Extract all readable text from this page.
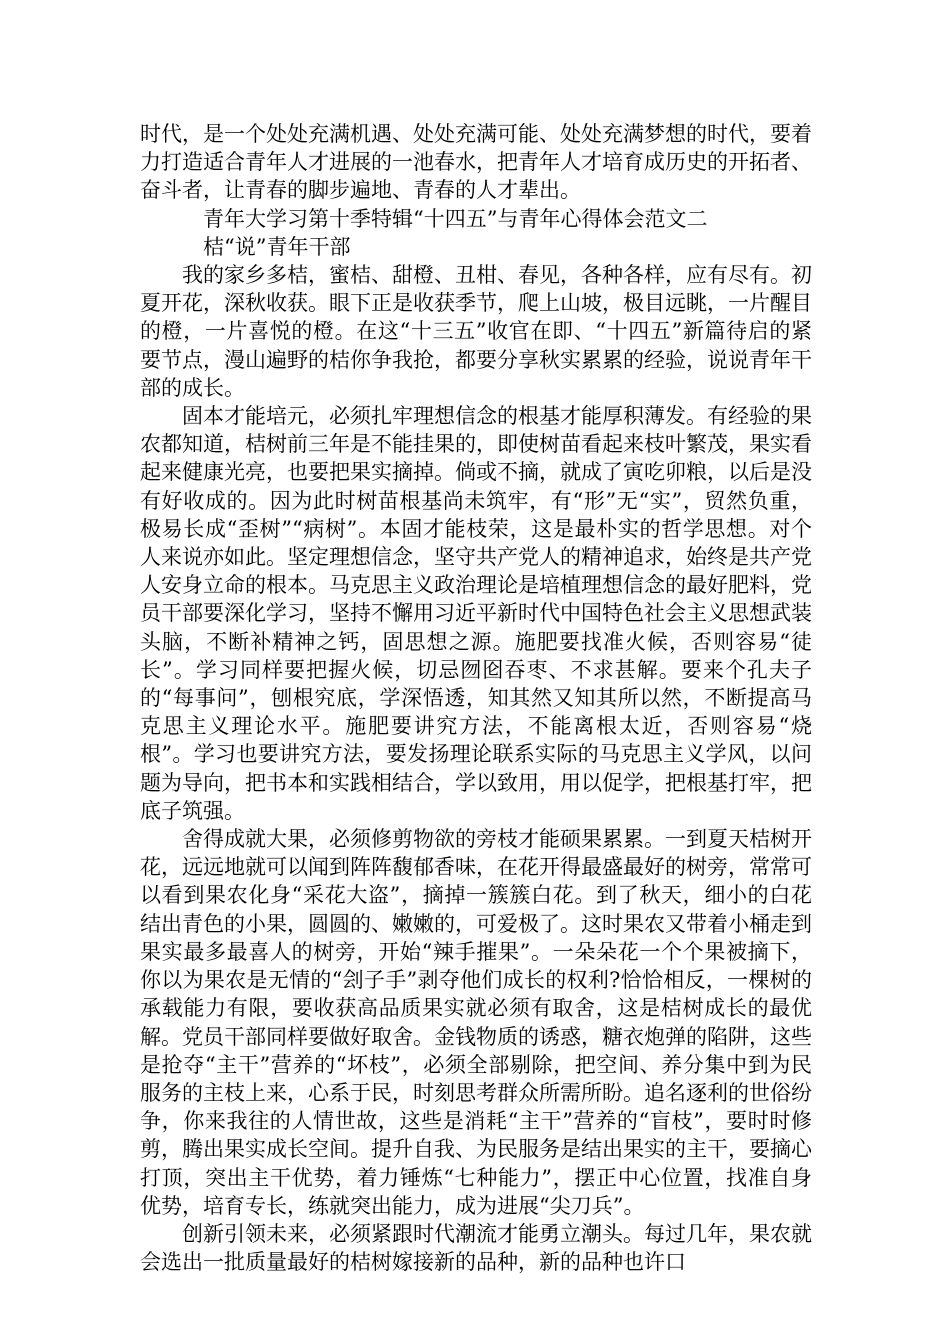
时代，是一个处处充满机遇、处处充满可能、处处充满梦想的时代，要着力打造适合青年人才进展的一池春水，把青年人才培育成历史的开拓者、奋斗者，让青春的脚步遍地、青春的人才辈出。

青年大学习第十季特辑“十四五”与青年心得体会范文二

桔“说”青年干部

我的家乡多桔，蜜桔、甜橙、丑柑、春见，各种各样，应有尽有。初夏开花，深秋收获。眼下正是收获季节，爬上山坡，极目远眺，一片醒目的橙，一片喜悦的橙。在这“十三五”收官在即、“十四五”新篇待启的紧要节点，漫山遍野的桔你争我抢，都要分享秋实累累的经验，说说青年干部的成长。

固本才能培元，必须扎牢理想信念的根基才能厚积薄发。有经验的果农都知道，桔树前三年是不能挂果的，即使树苗看起来枝叶繁茂，果实看起来健康光亮，也要把果实摘掉。倘或不摘，就成了寅吃卯粮，以后是没有好收成的。因为此时树苗根基尚未筑牢，有“形”无“实”，贸然负重，极易长成“歪树”“病树”。本固才能枝荣，这是最朴实的哲学思想。对个人来说亦如此。坚定理想信念，坚守共产党人的精神追求，始终是共产党人安身立命的根本。马克思主义政治理论是培植理想信念的最好肥料，党员干部要深化学习，坚持不懈用习近平新时代中国特色社会主义思想武装头脑，不断补精神之钙，固思想之源。施肥要找准火候，否则容易“徒长”。学习同样要把握火候，切忌囫囵吞枣、不求甚解。要来个孔夫子的“每事问”，刨根究底，学深悟透，知其然又知其所以然，不断提高马克思主义理论水平。施肥要讲究方法，不能离根太近，否则容易“烧根”。学习也要讲究方法，要发扬理论联系实际的马克思主义学风，以问题为导向，把书本和实践相结合，学以致用，用以促学，把根基打牢，把底子筑强。

舍得成就大果，必须修剪物欲的旁枝才能硕果累累。一到夏天桔树开花，远远地就可以闻到阵阵馥郁香味，在花开得最盛最好的树旁，常常可以看到果农化身“采花大盗”，摘掉一簇簇白花。到了秋天，细小的白花结出青色的小果，圆圆的、嫩嫩的，可爱极了。这时果农又带着小桶走到果实最多最喜人的树旁，开始“辣手摧果”。一朵朵花一个个果被摘下，你以为果农是无情的“刽子手”剥夺他们成长的权利?恰恰相反，一棵树的承载能力有限，要收获高品质果实就必须有取舍，这是桔树成长的最优解。党员干部同样要做好取舍。金钱物质的诱惑，糖衣炮弹的陷阱，这些是抢夺“主干”营养的“坏枝”，必须全部剔除，把空间、养分集中到为民服务的主枝上来，心系于民，时刻思考群众所需所盼。追名逐利的世俗纷争，你来我往的人情世故，这些是消耗“主干”营养的“盲枝”，要时时修剪，腾出果实成长空间。提升自我、为民服务是结出果实的主干，要摘心打顶，突出主干优势，着力锤炼“七种能力”，摆正中心位置，找准自身优势，培育专长，练就突出能力，成为进展“尖刀兵”。

创新引领未来，必须紧跟时代潮流才能勇立潮头。每过几年，果农就会选出一批质量最好的桔树嫁接新的品种，新的品种也许口
